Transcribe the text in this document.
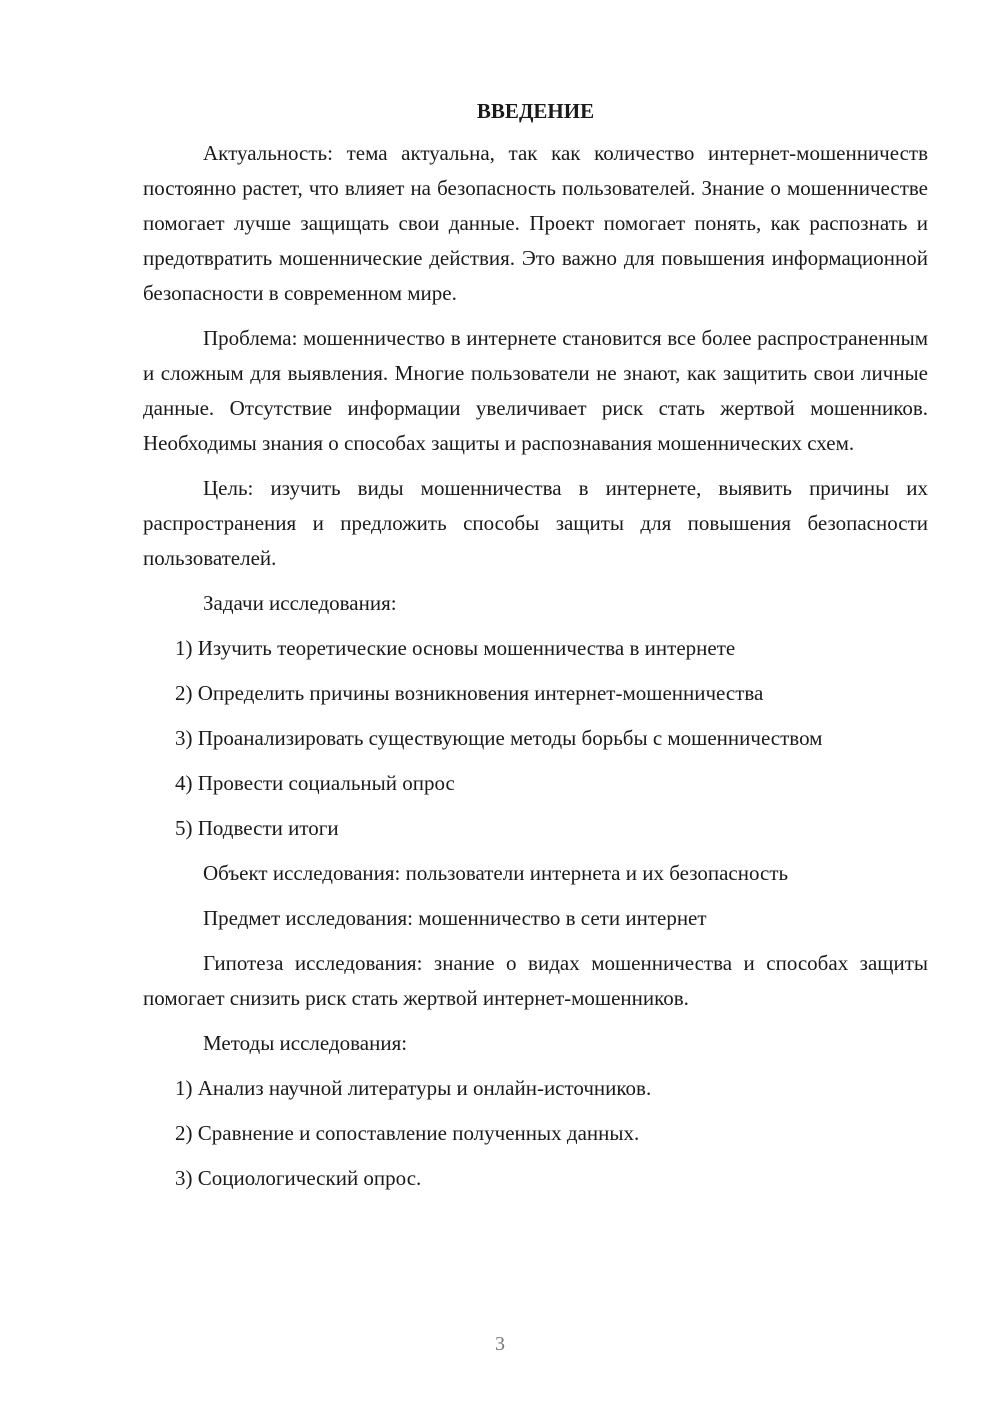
ВВЕДЕНИЕ

Актуальность: тема актуальна, так как количество интернет-мошенничеств постоянно растет, что влияет на безопасность пользователей. Знание о мошенничестве помогает лучше защищать свои данные. Проект помогает понять, как распознать и предотвратить мошеннические действия. Это важно для повышения информационной безопасности в современном мире.

Проблема: мошенничество в интернете становится все более распространенным и сложным для выявления. Многие пользователи не знают, как защитить свои личные данные. Отсутствие информации увеличивает риск стать жертвой мошенников. Необходимы знания о способах защиты и распознавания мошеннических схем.

Цель: изучить виды мошенничества в интернете, выявить причины их распространения и предложить способы защиты для повышения безопасности пользователей.

Задачи исследования:

1) Изучить теоретические основы мошенничества в интернете

2) Определить причины возникновения интернет-мошенничества

3) Проанализировать существующие методы борьбы с мошенничеством

4) Провести социальный опрос

5) Подвести итоги

Объект исследования: пользователи интернета и их безопасность

Предмет исследования: мошенничество в сети интернет

Гипотеза исследования: знание о видах мошенничества и способах защиты помогает снизить риск стать жертвой интернет-мошенников.

Методы исследования:

1) Анализ научной литературы и онлайн-источников.

2) Сравнение и сопоставление полученных данных.

3) Социологический опрос.

3
